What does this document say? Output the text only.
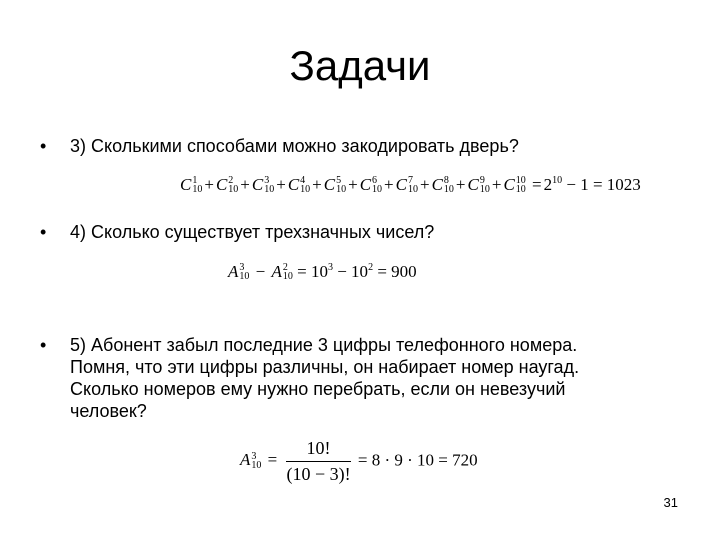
Задачи
• 3) Сколькими способами можно закодировать дверь?
C 1
10 + C 2
10 + C 3
10 + C 4
10 + C 5
10 + C 6
10 + C 7
10 + C 8
10 + C 9
10 + C 10
$10 = 2^{10} - 1 = 1023$
• 4) Сколько существует трехзначных чисел?
A 3
10 − A 2
$10 = 10^3 - 10^2 = 900$
• 5) Абонент забыл последние 3 цифры телефонного номера.
Помня, что эти цифры различны, он набирает номер наугад.
Сколько номеров ему нужно перебрать, если он невезучий
человек?
A 3
$10 = \frac{10!}{(10 - 3)!} = 8 \cdot 9 \cdot 10 = 720$
31
